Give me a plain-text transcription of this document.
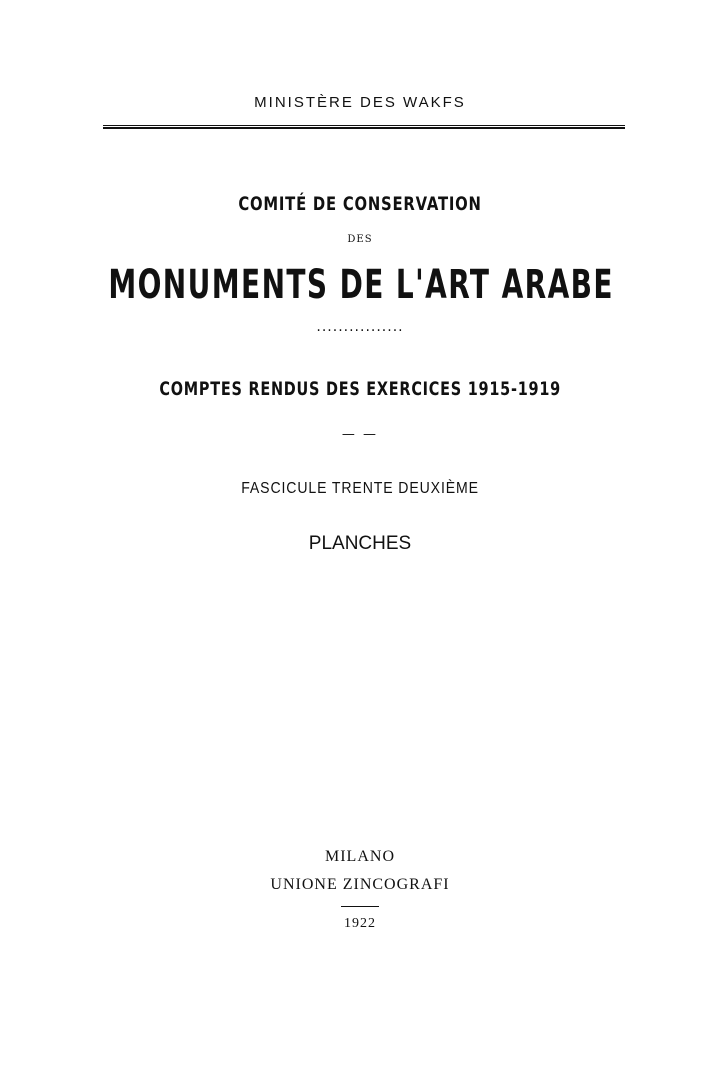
MINISTÈRE DES WAKFS
COMITÉ DE CONSERVATION
DES
MONUMENTS DE L'ART ARABE
................
COMPTES RENDUS DES EXERCICES 1915-1919
— —
FASCICULE TRENTE DEUXIÈME
PLANCHES
MILANO
UNIONE ZINCOGRAFI
1922
